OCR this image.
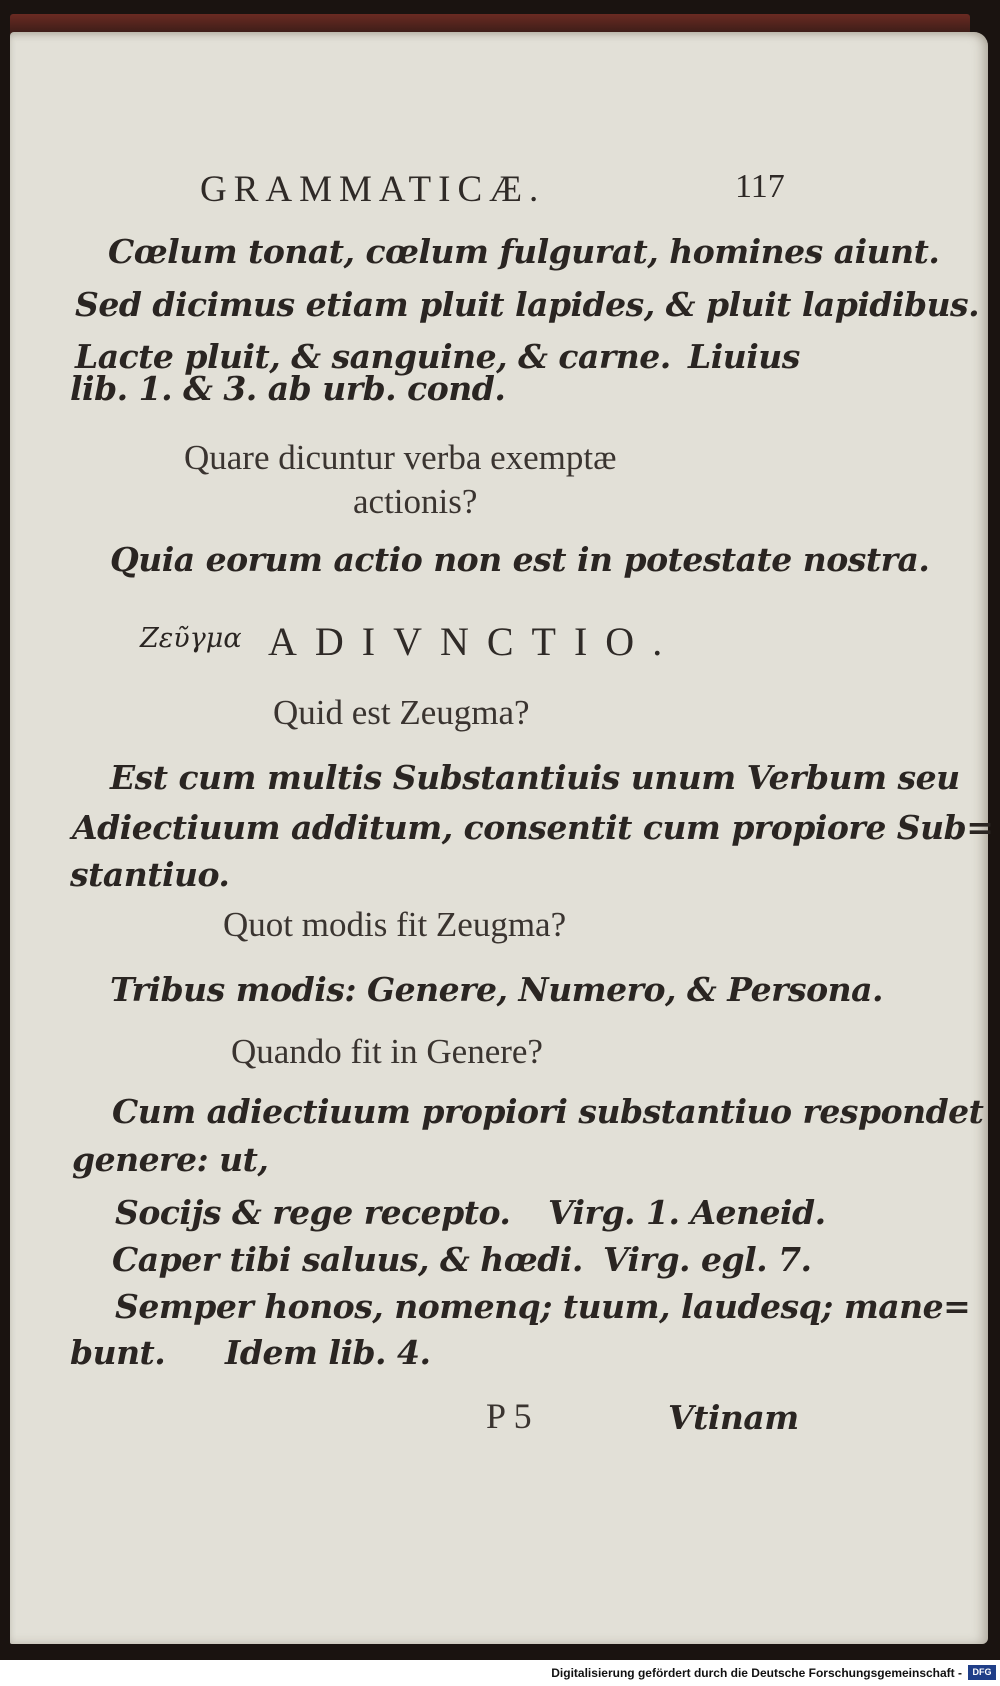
GRAMMATICÆ.	117
Cœlum tonat, cœlum fulgurat, homines aiunt.
Sed dicimus etiam pluit lapides, & pluit lapidibus.
Lacte pluit, & sanguine, & carne. Liuius
lib. 1. & 3. ab urb. cond.
Quare dicuntur verba exemptæ
actionis?
Quia eorum actio non est in potestate nostra.
Ζεῦγμα ADIVNCTIO.
Quid est Zeugma?
Est cum multis Substantiuis unum Verbum seu
Adiectiuum additum, consentit cum propiore Sub=
stantiuo.
Quot modis fit Zeugma?
Tribus modis: Genere, Numero, & Persona.
Quando fit in Genere?
Cum adiectiuum propiori substantiuo respondet
genere: ut,
Socijs & rege recepto. Virg. 1. Aeneid.
Caper tibi saluus, & hœdi. Virg. egl. 7.
Semper honos, nomenq; tuum, laudesq; mane=
bunt. Idem lib. 4.
P 5	Vtinam
Digitalisierung gefördert durch die Deutsche Forschungsgemeinschaft -	DFG
